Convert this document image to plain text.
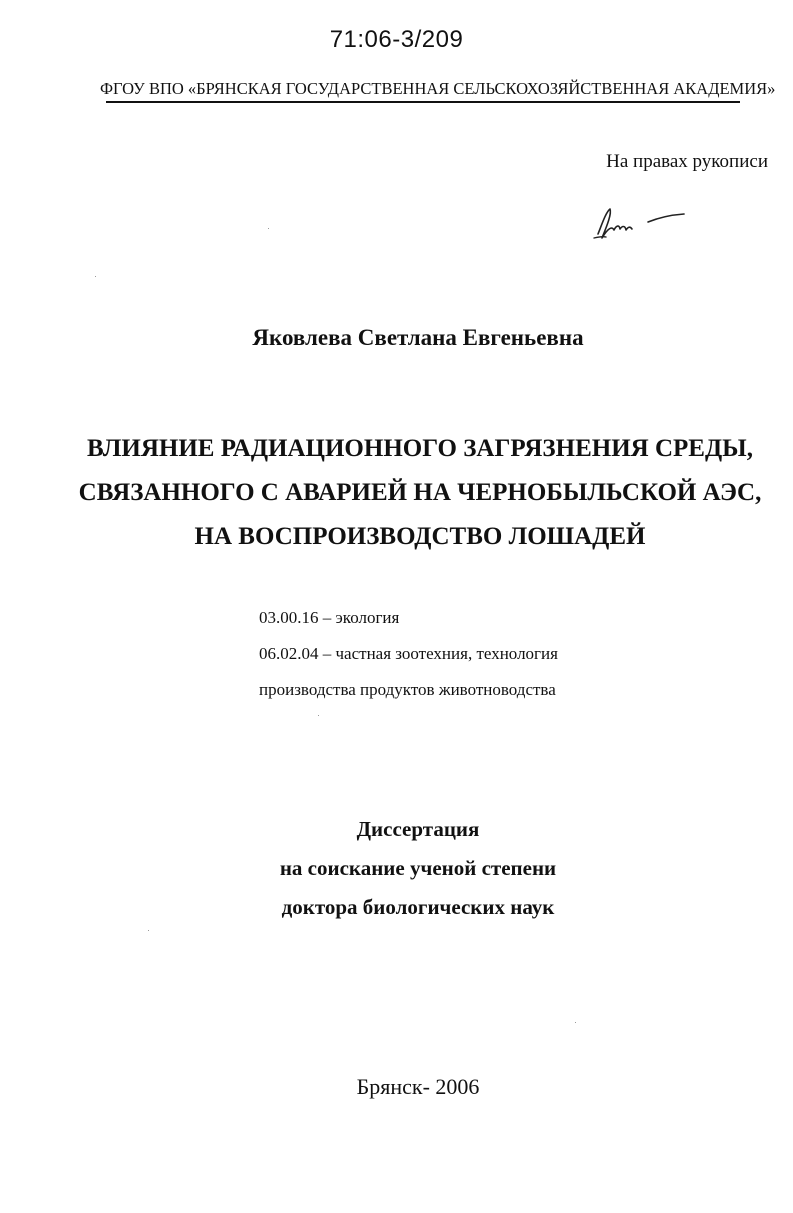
71:06-3/209
ФГОУ ВПО «БРЯНСКАЯ ГОСУДАРСТВЕННАЯ СЕЛЬСКОХОЗЯЙСТВЕННАЯ АКАДЕМИЯ»
На правах рукописи
Яковлева Светлана Евгеньевна
ВЛИЯНИЕ РАДИАЦИОННОГО ЗАГРЯЗНЕНИЯ СРЕДЫ,
СВЯЗАННОГО С АВАРИЕЙ НА ЧЕРНОБЫЛЬСКОЙ АЭС,
НА ВОСПРОИЗВОДСТВО ЛОШАДЕЙ
03.00.16 – экология
06.02.04 – частная зоотехния, технология
производства продуктов животноводства
Диссертация
на соискание ученой степени
доктора биологических наук
Брянск- 2006
